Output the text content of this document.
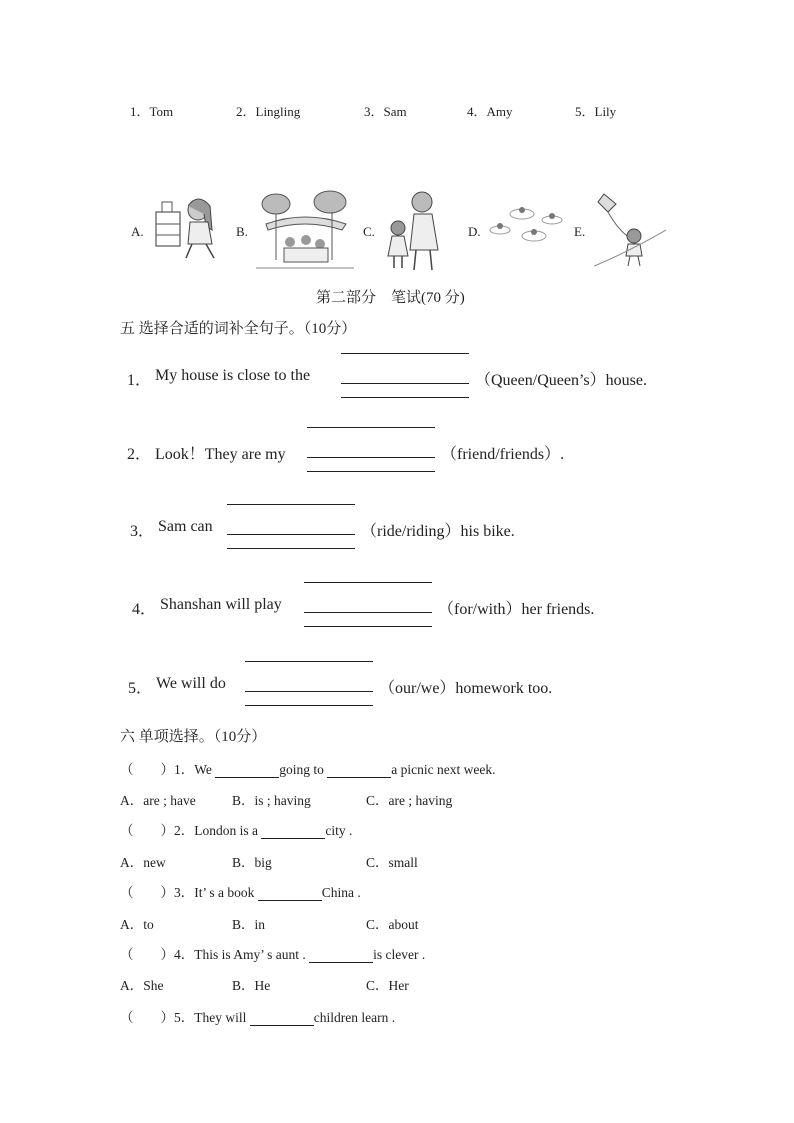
1．Tom	2．Lingling	3．Sam	4．Amy	5．Lily
A.	B.	C.	D.	E.
第二部分　笔试(70 分)
五 选择合适的词补全句子。（10分）
1． My house is close to the	（Queen/Queen’s）house.
2． Look！They are my	（friend/friends）.
3． Sam can	（ride/riding）his bike.
4． Shanshan will play	（for/with）her friends.
5． We will do	（our/we）homework too.
六 单项选择。（10分）
（　　）1．We	going to	a picnic next week.
A．are ; have	B．is ; having	C．are ; having
（　　）2．London is a	city .
A．new	B．big	C．small
（　　）3．It’ s a book	China .
A．to	B．in	C．about
（　　）4．This is Amy’ s aunt .	is clever .
A．She	B．He	C．Her
（　　）5．They will	children learn .
